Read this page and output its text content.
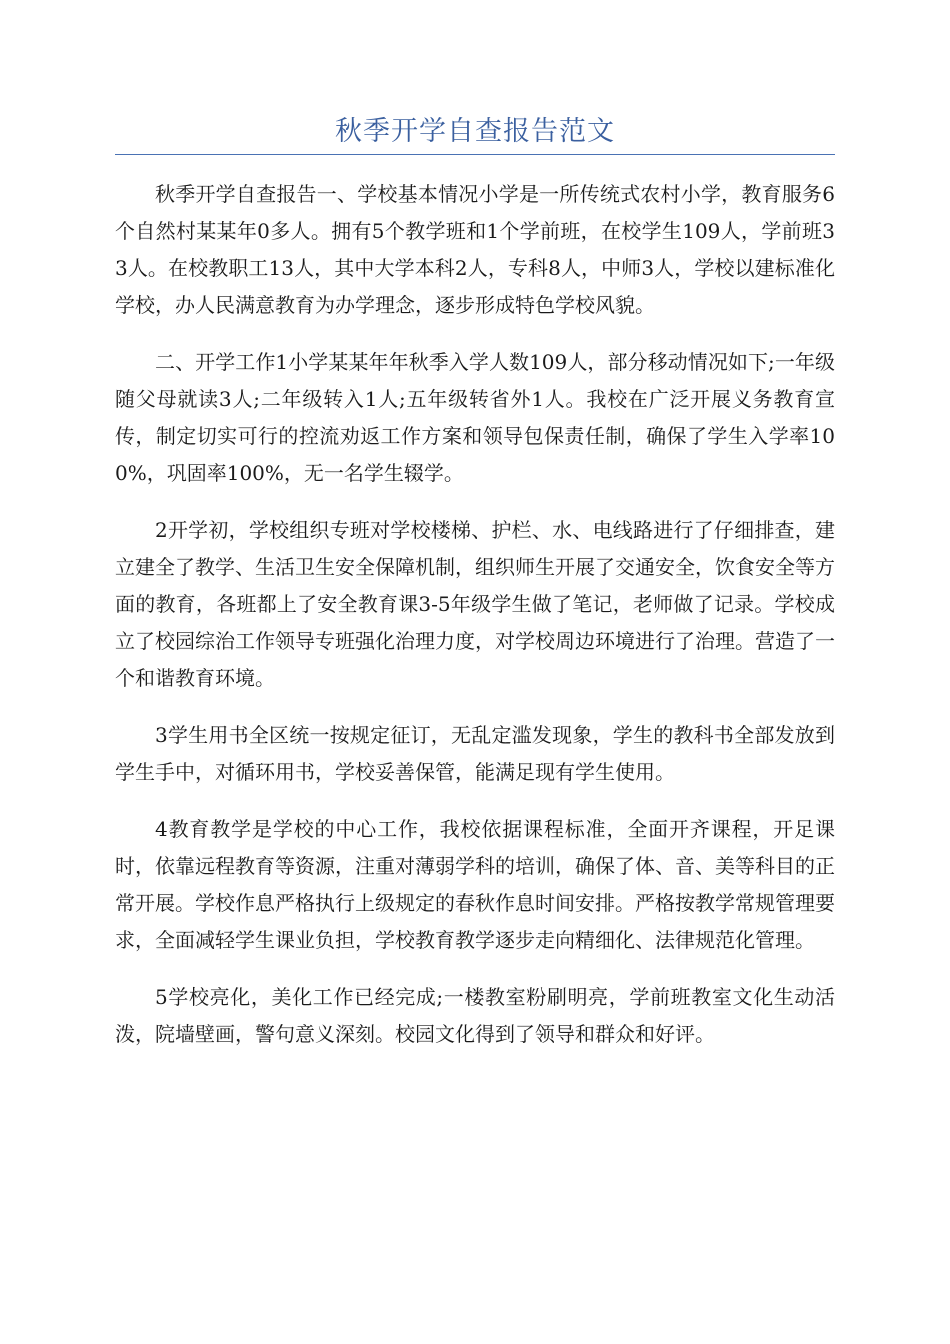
秋季开学自查报告范文

秋季开学自查报告一、学校基本情况小学是一所传统式农村小学，教育服务6个自然村某某年0多人。拥有5个教学班和1个学前班，在校学生109人，学前班33人。在校教职工13人，其中大学本科2人，专科8人，中师3人，学校以建标准化学校，办人民满意教育为办学理念，逐步形成特色学校风貌。

二、开学工作1小学某某年年秋季入学人数109人，部分移动情况如下;一年级随父母就读3人;二年级转入1人;五年级转省外1人。我校在广泛开展义务教育宣传，制定切实可行的控流劝返工作方案和领导包保责任制，确保了学生入学率100%，巩固率100%，无一名学生辍学。

2开学初，学校组织专班对学校楼梯、护栏、水、电线路进行了仔细排查，建立建全了教学、生活卫生安全保障机制，组织师生开展了交通安全，饮食安全等方面的教育，各班都上了安全教育课3-5年级学生做了笔记，老师做了记录。学校成立了校园综治工作领导专班强化治理力度，对学校周边环境进行了治理。营造了一个和谐教育环境。

3学生用书全区统一按规定征订，无乱定滥发现象，学生的教科书全部发放到学生手中，对循环用书，学校妥善保管，能满足现有学生使用。

4教育教学是学校的中心工作，我校依据课程标准，全面开齐课程，开足课时，依靠远程教育等资源，注重对薄弱学科的培训，确保了体、音、美等科目的正常开展。学校作息严格执行上级规定的春秋作息时间安排。严格按教学常规管理要求，全面减轻学生课业负担，学校教育教学逐步走向精细化、法律规范化管理。

5学校亮化，美化工作已经完成;一楼教室粉刷明亮，学前班教室文化生动活泼，院墙壁画，警句意义深刻。校园文化得到了领导和群众和好评。
